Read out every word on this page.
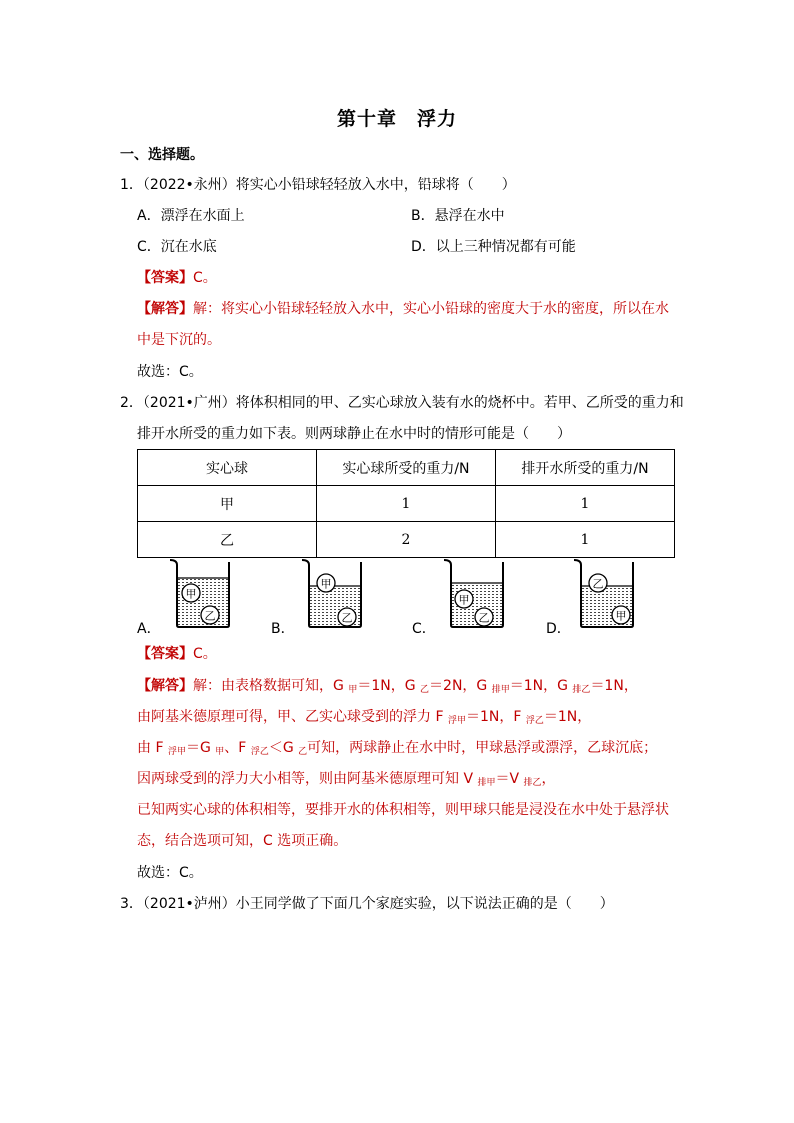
第十章　浮力
一、选择题。
1．（2022•永州）将实心小铅球轻轻放入水中，铅球将（　　）
A．漂浮在水面上	B．悬浮在水中
C．沉在水底	D．以上三种情况都有可能
【答案】C。
【解答】解：将实心小铅球轻轻放入水中，实心小铅球的密度大于水的密度，所以在水
中是下沉的。
故选：C。
2．（2021•广州）将体积相同的甲、乙实心球放入装有水的烧杯中。若甲、乙所受的重力和
排开水所受的重力如下表。则两球静止在水中时的情形可能是（　　）
实心球	实心球所受的重力/N	排开水所受的重力/N
甲	1	1
乙	2	1
甲
乙
A．
甲
乙
B．
甲
乙
C．
乙
甲
D．
【答案】C。
【解答】解：由表格数据可知，G $_甲$＝1N，G $_乙$＝2N，G $_{排甲}$＝1N，G $_{排乙}$＝1N，
由阿基米德原理可得，甲、乙实心球受到的浮力 F $_{浮甲}$＝1N，F $_{浮乙}$＝1N，
由 F $_{浮甲}$＝G $_甲$、F $_{浮乙}$＜G $_乙$可知，两球静止在水中时，甲球悬浮或漂浮，乙球沉底；
因两球受到的浮力大小相等，则由阿基米德原理可知 V $_{排甲}$＝V $_{排乙}$，
已知两实心球的体积相等，要排开水的体积相等，则甲球只能是浸没在水中处于悬浮状
态，结合选项可知，C 选项正确。
故选：C。
3．（2021•泸州）小王同学做了下面几个家庭实验，以下说法正确的是（　　）
